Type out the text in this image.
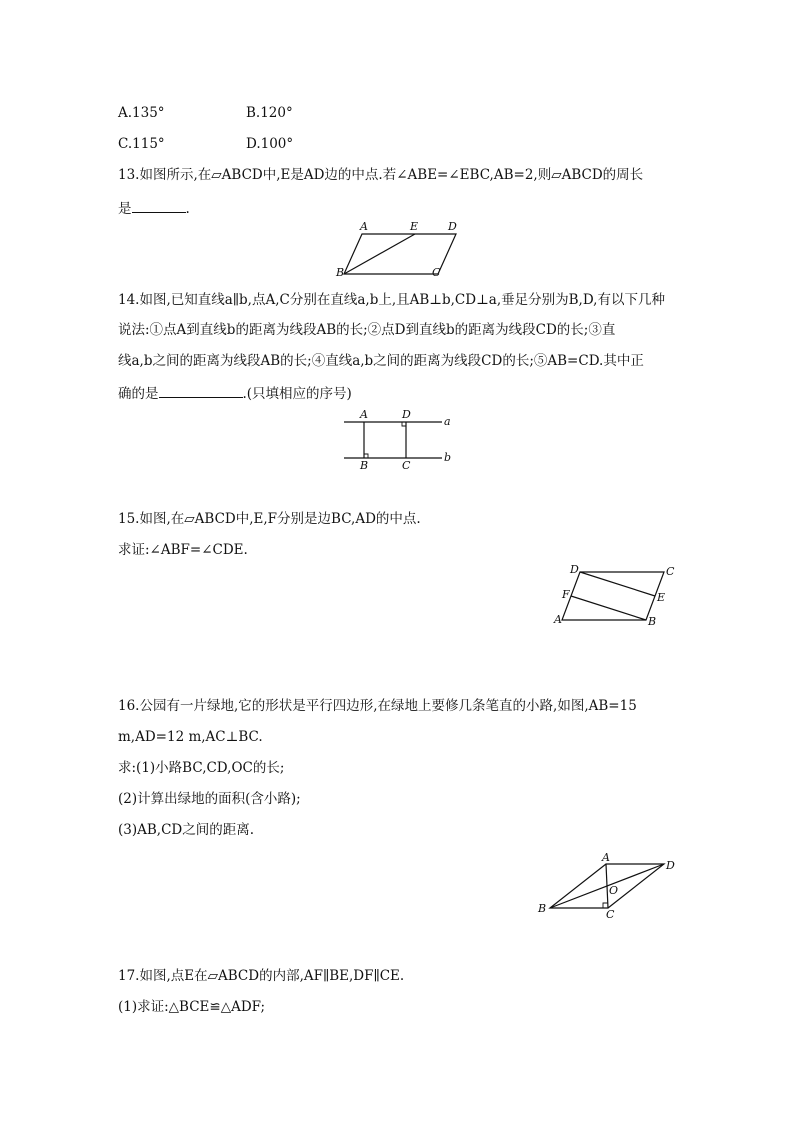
A.135°	B.120°
C.115°	D.100°
13.如图所示,在▱ABCD中,E是AD边的中点.若∠ABE=∠EBC,AB=2,则▱ABCD的周长
是	.
A	E	D
B	C
14.如图,已知直线a∥b,点A,C分别在直线a,b上,且AB⊥b,CD⊥a,垂足分别为B,D,有以下几种
说法:①点A到直线b的距离为线段AB的长;②点D到直线b的距离为线段CD的长;③直
线a,b之间的距离为线段AB的长;④直线a,b之间的距离为线段CD的长;⑤AB=CD.其中正
确的是	.(只填相应的序号)
A	D
a
B	C
b
15.如图,在▱ABCD中,E,F分别是边BC,AD的中点.
求证:∠ABF=∠CDE.
D	C
F	E
A	B
16.公园有一片绿地,它的形状是平行四边形,在绿地上要修几条笔直的小路,如图,AB=15
m,AD=12 m,AC⊥BC.
求:(1)小路BC,CD,OC的长;
(2)计算出绿地的面积(含小路);
(3)AB,CD之间的距离.
A
D
O
B	C
17.如图,点E在▱ABCD的内部,AF∥BE,DF∥CE.
(1)求证:△BCE≌△ADF;
